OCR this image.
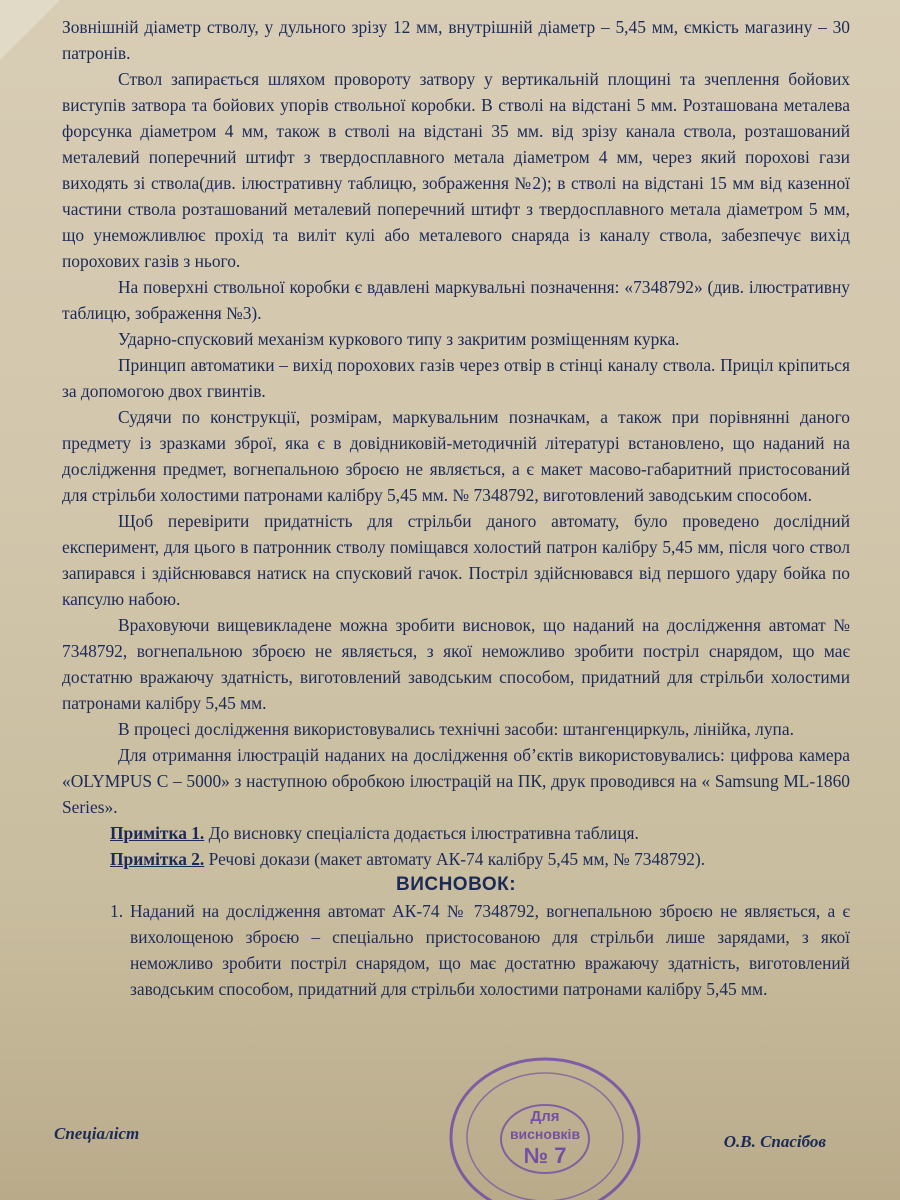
Зовнішній діаметр стволу, у дульного зрізу 12 мм, внутрішній діаметр – 5,45 мм, ємкість магазину – 30 патронів.

Ствол запирається шляхом провороту затвору у вертикальній площині та зчеплення бойових виступів затвора та бойових упорів ствольної коробки. В стволі на відстані 5 мм. Розташована металева форсунка діаметром 4 мм, також в стволі на відстані 35 мм. від зрізу канала ствола, розташований металевий поперечний штифт з твердосплавного метала діаметром 4 мм, через який порохові гази виходять зі ствола(див. ілюстративну таблицю, зображення №2); в стволі на відстані 15 мм від казенної частини ствола розташований металевий поперечний штифт з твердосплавного метала діаметром 5 мм, що унеможливлює прохід та виліт кулі або металевого снаряда із каналу ствола, забезпечує вихід порохових газів з нього.

На поверхні ствольної коробки є вдавлені маркувальні позначення: «7348792» (див. ілюстративну таблицю, зображення №3).

Ударно-спусковий механізм куркового типу з закритим розміщенням курка.

Принцип автоматики – вихід порохових газів через отвір в стінці каналу ствола. Приціл кріпиться за допомогою двох гвинтів.

Судячи по конструкції, розмірам, маркувальним позначкам, а також при порівнянні даного предмету із зразками зброї, яка є в довідниковій-методичній літературі встановлено, що наданий на дослідження предмет, вогнепальною зброєю не являється, а є макет масово-габаритний пристосований для стрільби холостими патронами калібру 5,45 мм. № 7348792, виготовлений заводським способом.

Щоб перевірити придатність для стрільби даного автомату, було проведено дослідний експеримент, для цього в патронник стволу поміщався холостий патрон калібру 5,45 мм, після чого ствол запирався і здійснювався натиск на спусковий гачок. Постріл здійснювався від першого удару бойка по капсулю набою.

Враховуючи вищевикладене можна зробити висновок, що наданий на дослідження автомат № 7348792, вогнепальною зброєю не являється, з якої неможливо зробити постріл снарядом, що має достатню вражаючу здатність, виготовлений заводським способом, придатний для стрільби холостими патронами калібру 5,45 мм.

В процесі дослідження використовувались технічні засоби: штангенциркуль, лінійка, лупа.

Для отримання ілюстрацій наданих на дослідження об’єктів використовувались: цифрова камера «OLYMPUS C – 5000» з наступною обробкою ілюстрацій на ПК, друк проводився на « Samsung ML-1860 Series».

Примітка 1. До висновку спеціаліста додається ілюстративна таблиця.

Примітка 2. Речові докази (макет автомату АК-74 калібру 5,45 мм, № 7348792).

ВИСНОВОК:

1. Наданий на дослідження автомат АК-74 № 7348792, вогнепальною зброєю не являється, а є вихолощеною зброєю – спеціально пристосованою для стрільби лише зарядами, з якої неможливо зробити постріл снарядом, що має достатню вражаючу здатність, виготовлений заводським способом, придатний для стрільби холостими патронами калібру 5,45 мм.
Для
висновків
№ 7
Спеціаліст	О.В. Спасібов
